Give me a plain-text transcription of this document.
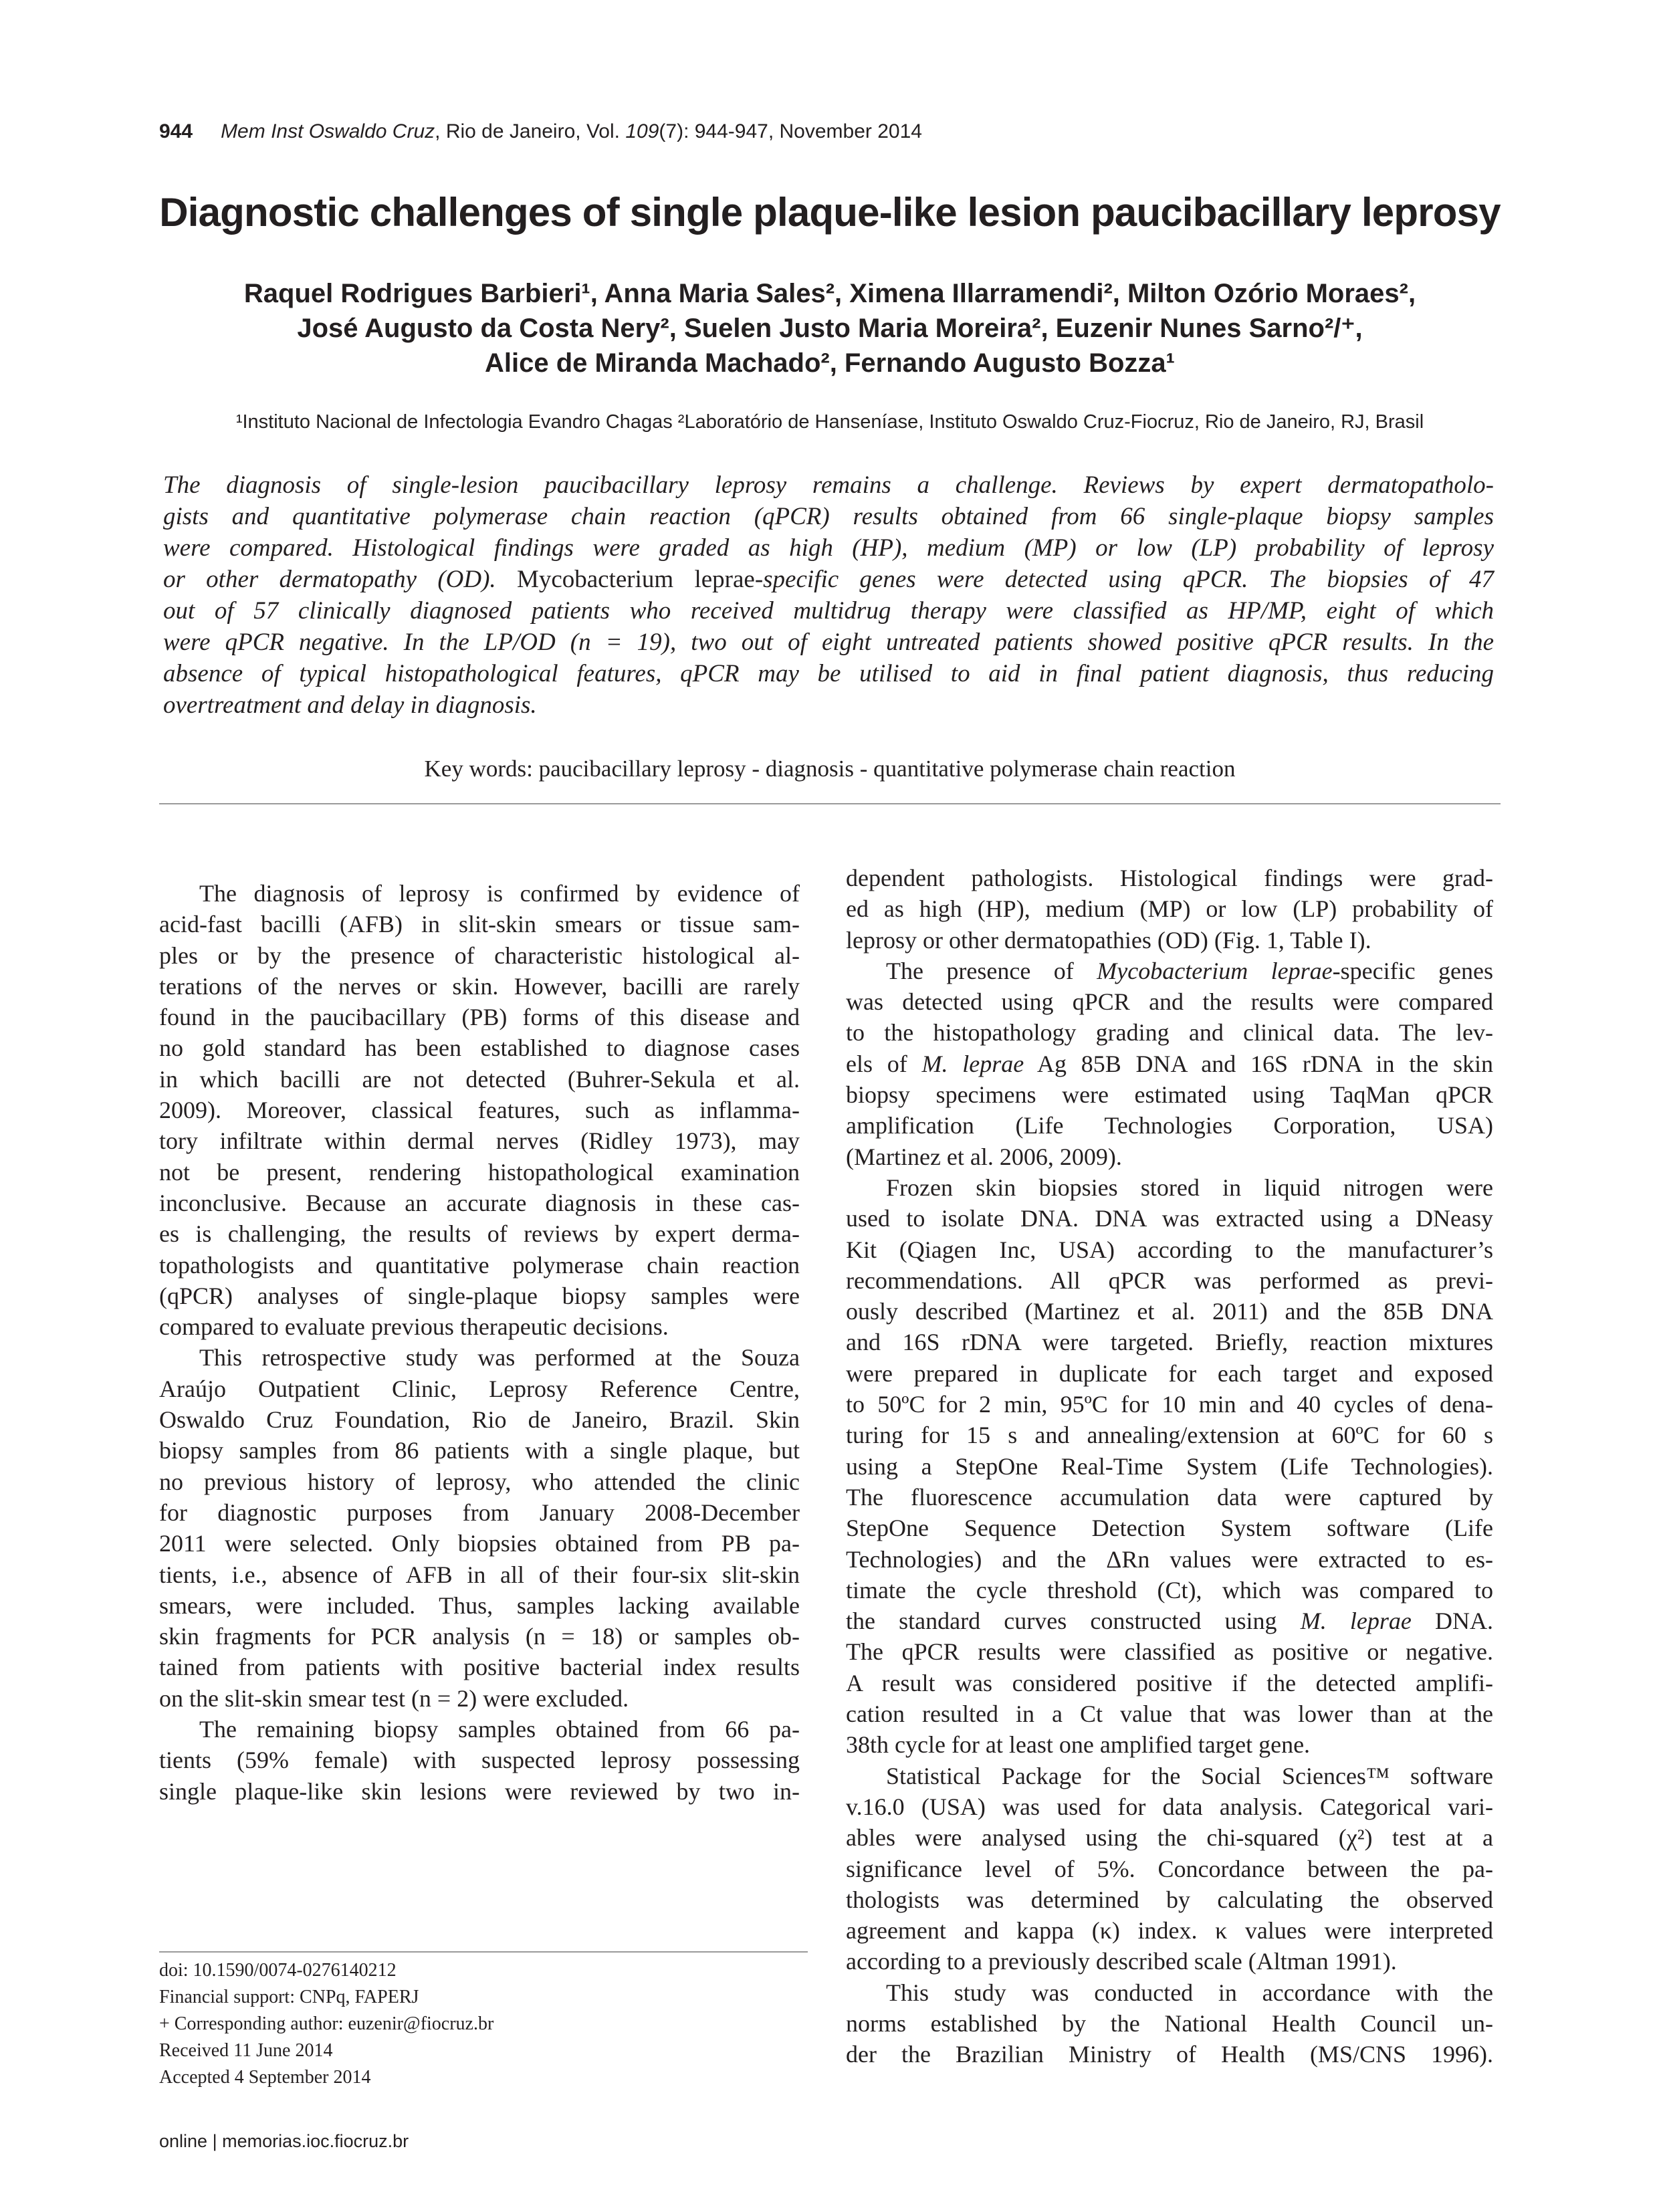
944 Mem Inst Oswaldo Cruz, Rio de Janeiro, Vol. 109(7): 944-947, November 2014
Diagnostic challenges of single plaque-like lesion paucibacillary leprosy
Raquel Rodrigues Barbieri¹, Anna Maria Sales², Ximena Illarramendi², Milton Ozório Moraes²,
José Augusto da Costa Nery², Suelen Justo Maria Moreira², Euzenir Nunes Sarno²/⁺,
Alice de Miranda Machado², Fernando Augusto Bozza¹
¹Instituto Nacional de Infectologia Evandro Chagas ²Laboratório de Hanseníase, Instituto Oswaldo Cruz-Fiocruz, Rio de Janeiro, RJ, Brasil
The diagnosis of single-lesion paucibacillary leprosy remains a challenge. Reviews by expert dermatopatholo-
gists and quantitative polymerase chain reaction (qPCR) results obtained from 66 single-plaque biopsy samples
were compared. Histological findings were graded as high (HP), medium (MP) or low (LP) probability of leprosy
or other dermatopathy (OD). Mycobacterium leprae-specific genes were detected using qPCR. The biopsies of 47
out of 57 clinically diagnosed patients who received multidrug therapy were classified as HP/MP, eight of which
were qPCR negative. In the LP/OD (n = 19), two out of eight untreated patients showed positive qPCR results. In the
absence of typical histopathological features, qPCR may be utilised to aid in final patient diagnosis, thus reducing
overtreatment and delay in diagnosis.
Key words: paucibacillary leprosy - diagnosis - quantitative polymerase chain reaction
The diagnosis of leprosy is confirmed by evidence of
acid-fast bacilli (AFB) in slit-skin smears or tissue sam-
ples or by the presence of characteristic histological al-
terations of the nerves or skin. However, bacilli are rarely
found in the paucibacillary (PB) forms of this disease and
no gold standard has been established to diagnose cases
in which bacilli are not detected (Buhrer-Sekula et al.
2009). Moreover, classical features, such as inflamma-
tory infiltrate within dermal nerves (Ridley 1973), may
not be present, rendering histopathological examination
inconclusive. Because an accurate diagnosis in these cas-
es is challenging, the results of reviews by expert derma-
topathologists and quantitative polymerase chain reaction
(qPCR) analyses of single-plaque biopsy samples were
compared to evaluate previous therapeutic decisions.
This retrospective study was performed at the Souza
Araújo Outpatient Clinic, Leprosy Reference Centre,
Oswaldo Cruz Foundation, Rio de Janeiro, Brazil. Skin
biopsy samples from 86 patients with a single plaque, but
no previous history of leprosy, who attended the clinic
for diagnostic purposes from January 2008-December
2011 were selected. Only biopsies obtained from PB pa-
tients, i.e., absence of AFB in all of their four-six slit-skin
smears, were included. Thus, samples lacking available
skin fragments for PCR analysis (n = 18) or samples ob-
tained from patients with positive bacterial index results
on the slit-skin smear test (n = 2) were excluded.
The remaining biopsy samples obtained from 66 pa-
tients (59% female) with suspected leprosy possessing
single plaque-like skin lesions were reviewed by two in-
dependent pathologists. Histological findings were grad-
ed as high (HP), medium (MP) or low (LP) probability of
leprosy or other dermatopathies (OD) (Fig. 1, Table I).
The presence of Mycobacterium leprae-specific genes
was detected using qPCR and the results were compared
to the histopathology grading and clinical data. The lev-
els of M. leprae Ag 85B DNA and 16S rDNA in the skin
biopsy specimens were estimated using TaqMan qPCR
amplification (Life Technologies Corporation, USA)
(Martinez et al. 2006, 2009).
Frozen skin biopsies stored in liquid nitrogen were
used to isolate DNA. DNA was extracted using a DNeasy
Kit (Qiagen Inc, USA) according to the manufacturer’s
recommendations. All qPCR was performed as previ-
ously described (Martinez et al. 2011) and the 85B DNA
and 16S rDNA were targeted. Briefly, reaction mixtures
were prepared in duplicate for each target and exposed
to 50ºC for 2 min, 95ºC for 10 min and 40 cycles of dena-
turing for 15 s and annealing/extension at 60ºC for 60 s
using a StepOne Real-Time System (Life Technologies).
The fluorescence accumulation data were captured by
StepOne Sequence Detection System software (Life
Technologies) and the ΔRn values were extracted to es-
timate the cycle threshold (Ct), which was compared to
the standard curves constructed using M. leprae DNA.
The qPCR results were classified as positive or negative.
A result was considered positive if the detected amplifi-
cation resulted in a Ct value that was lower than at the
38th cycle for at least one amplified target gene.
Statistical Package for the Social Sciences™ software
v.16.0 (USA) was used for data analysis. Categorical vari-
ables were analysed using the chi-squared (χ²) test at a
significance level of 5%. Concordance between the pa-
thologists was determined by calculating the observed
agreement and kappa (κ) index. κ values were interpreted
according to a previously described scale (Altman 1991).
This study was conducted in accordance with the
norms established by the National Health Council un-
der the Brazilian Ministry of Health (MS/CNS 1996).
doi: 10.1590/0074-0276140212
Financial support: CNPq, FAPERJ
+ Corresponding author: euzenir@fiocruz.br
Received 11 June 2014
Accepted 4 September 2014
online | memorias.ioc.fiocruz.br
